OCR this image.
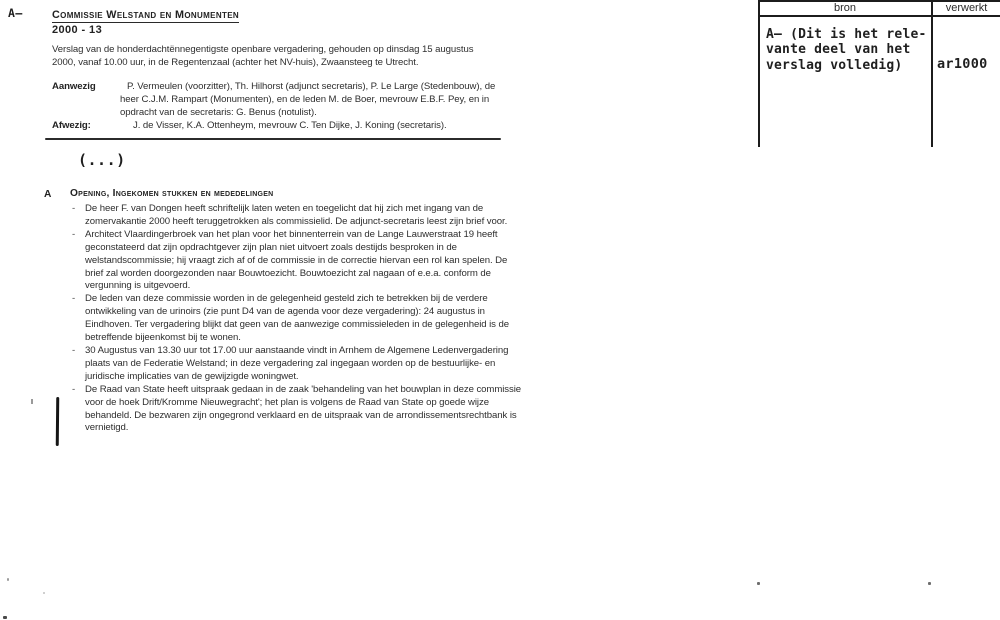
A—	Commissie Welstand en Monumenten
2000 - 13
Verslag van de honderdachtënnegentigste openbare vergadering, gehouden op dinsdag 15 augustus 2000, vanaf 10.00 uur, in de Regentenzaal (achter het NV-huis), Zwaansteeg te Utrecht.
Aanwezig	P. Vermeulen (voorzitter), Th. Hilhorst (adjunct secretaris), P. Le Large (Stedenbouw), de heer C.J.M. Rampart (Monumenten), en de leden M. de Boer, mevrouw E.B.F. Pey, en in opdracht van de secretaris: G. Benus (notulist).
Afwezig:	J. de Visser, K.A. Ottenheym, mevrouw C. Ten Dijke, J. Koning (secretaris).
(...)
A Opening, Ingekomen stukken en mededelingen
-	De heer F. van Dongen heeft schriftelijk laten weten en toegelicht dat hij zich met ingang van de zomervakantie 2000 heeft teruggetrokken als commissielid. De adjunct-secretaris leest zijn brief voor.
-	Architect Vlaardingerbroek van het plan voor het binnenterrein van de Lange Lauwerstraat 19 heeft geconstateerd dat zijn opdrachtgever zijn plan niet uitvoert zoals destijds besproken in de welstandscommissie; hij vraagt zich af of de commissie in de correctie hiervan een rol kan spelen. De brief zal worden doorgezonden naar Bouwtoezicht. Bouwtoezicht zal nagaan of e.e.a. conform de vergunning is uitgevoerd.
-	De leden van deze commissie worden in de gelegenheid gesteld zich te betrekken bij de verdere ontwikkeling van de urinoirs (zie punt D4 van de agenda voor deze vergadering): 24 augustus in Eindhoven. Ter vergadering blijkt dat geen van de aanwezige commissieleden in de gelegenheid is de betreffende bijeenkomst bij te wonen.
-	30 Augustus van 13.30 uur tot 17.00 uur aanstaande vindt in Arnhem de Algemene Ledenvergadering plaats van de Federatie Welstand; in deze vergadering zal ingegaan worden op de bestuurlijke- en juridische implicaties van de gewijzigde woningwet.
-	De Raad van State heeft uitspraak gedaan in de zaak 'behandeling van het bouwplan in deze commissie voor de hoek Drift/Kromme Nieuwegracht'; het plan is volgens de Raad van State op goede wijze behandeld. De bezwaren zijn ongegrond verklaard en de uitspraak van de arrondissementsrechtbank is vernietigd.
bron	verwerkt
A— (Dit is het rele-
vante deel van het
verslag volledig)	ar1000
